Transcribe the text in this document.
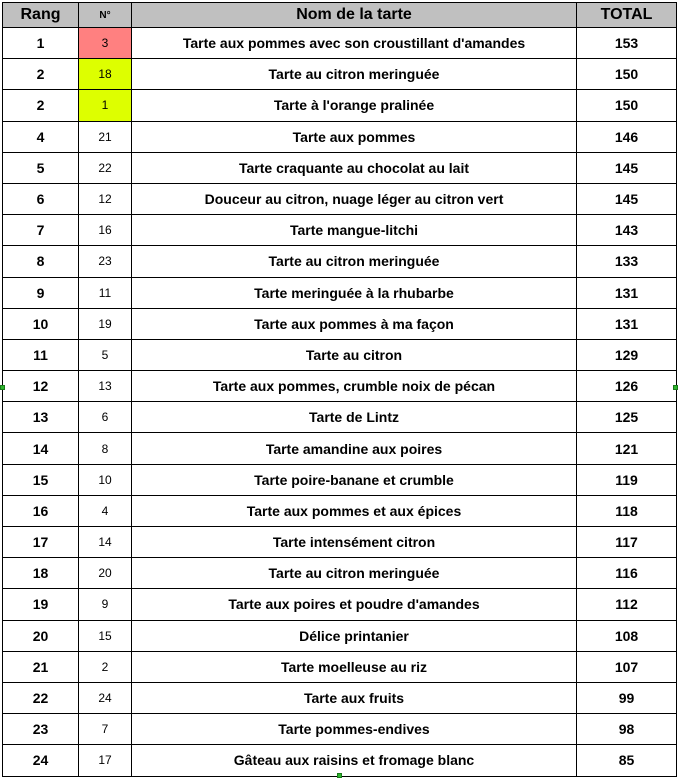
Rang	N°	Nom de la tarte	TOTAL
1	3	Tarte aux pommes avec son croustillant d'amandes	153
2	18	Tarte au citron meringuée	150
2	1	Tarte à l'orange pralinée	150
4	21	Tarte aux pommes	146
5	22	Tarte craquante au chocolat au lait	145
6	12	Douceur au citron, nuage léger au citron vert	145
7	16	Tarte mangue-litchi	143
8	23	Tarte au citron meringuée	133
9	11	Tarte meringuée à la rhubarbe	131
10	19	Tarte aux pommes à ma façon	131
11	5	Tarte au citron	129
12	13	Tarte aux pommes, crumble noix de pécan	126
13	6	Tarte de Lintz	125
14	8	Tarte amandine aux poires	121
15	10	Tarte poire-banane et crumble	119
16	4	Tarte aux pommes et aux épices	118
17	14	Tarte intensément citron	117
18	20	Tarte au citron meringuée	116
19	9	Tarte aux poires et poudre d'amandes	112
20	15	Délice printanier	108
21	2	Tarte moelleuse au riz	107
22	24	Tarte aux fruits	99
23	7	Tarte pommes-endives	98
24	17	Gâteau aux raisins et fromage blanc	85
